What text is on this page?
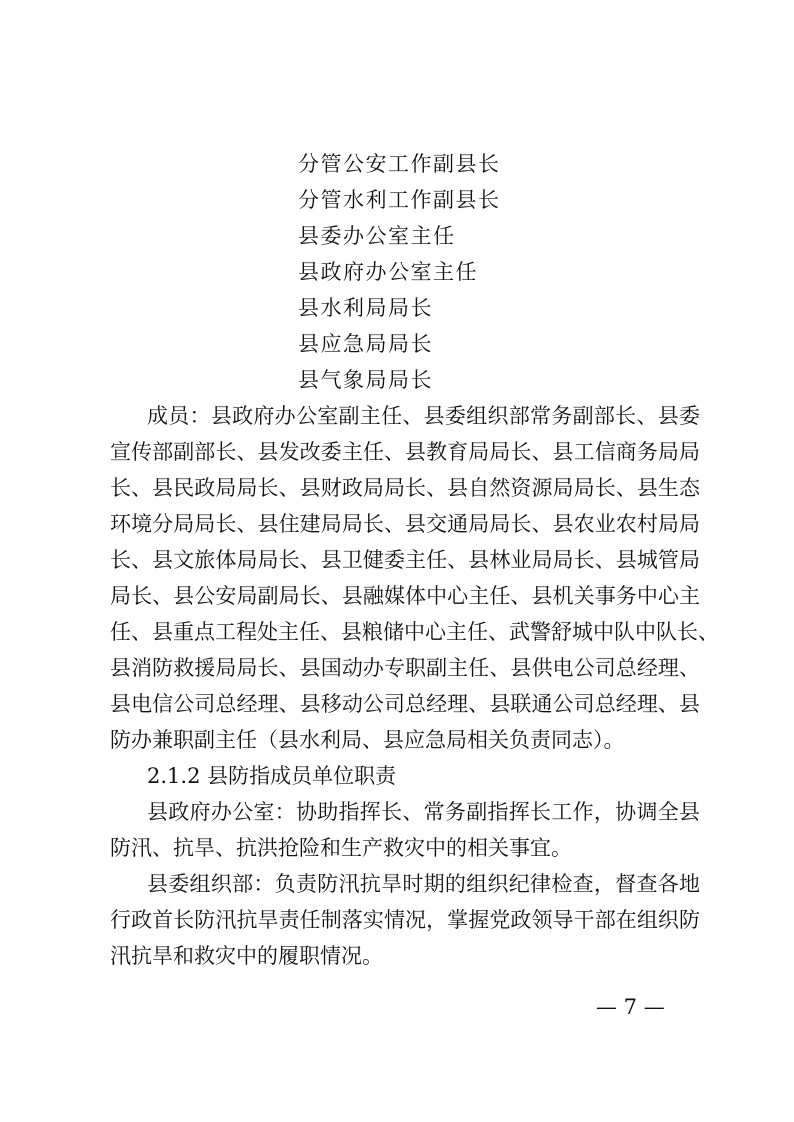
分管公安工作副县长
分管水利工作副县长
县委办公室主任
县政府办公室主任
县水利局局长
县应急局局长
县气象局局长
成员：县政府办公室副主任、县委组织部常务副部长、县委
宣传部副部长、县发改委主任、县教育局局长、县工信商务局局
长、县民政局局长、县财政局局长、县自然资源局局长、县生态
环境分局局长、县住建局局长、县交通局局长、县农业农村局局
长、县文旅体局局长、县卫健委主任、县林业局局长、县城管局
局长、县公安局副局长、县融媒体中心主任、县机关事务中心主
任、县重点工程处主任、县粮储中心主任、武警舒城中队中队长、
县消防救援局局长、县国动办专职副主任、县供电公司总经理、
县电信公司总经理、县移动公司总经理、县联通公司总经理、县
防办兼职副主任（县水利局、县应急局相关负责同志）。
2.1.2 县防指成员单位职责
县政府办公室：协助指挥长、常务副指挥长工作，协调全县
防汛、抗旱、抗洪抢险和生产救灾中的相关事宜。
县委组织部：负责防汛抗旱时期的组织纪律检查，督查各地
行政首长防汛抗旱责任制落实情况，掌握党政领导干部在组织防
汛抗旱和救灾中的履职情况。
— 7 —
